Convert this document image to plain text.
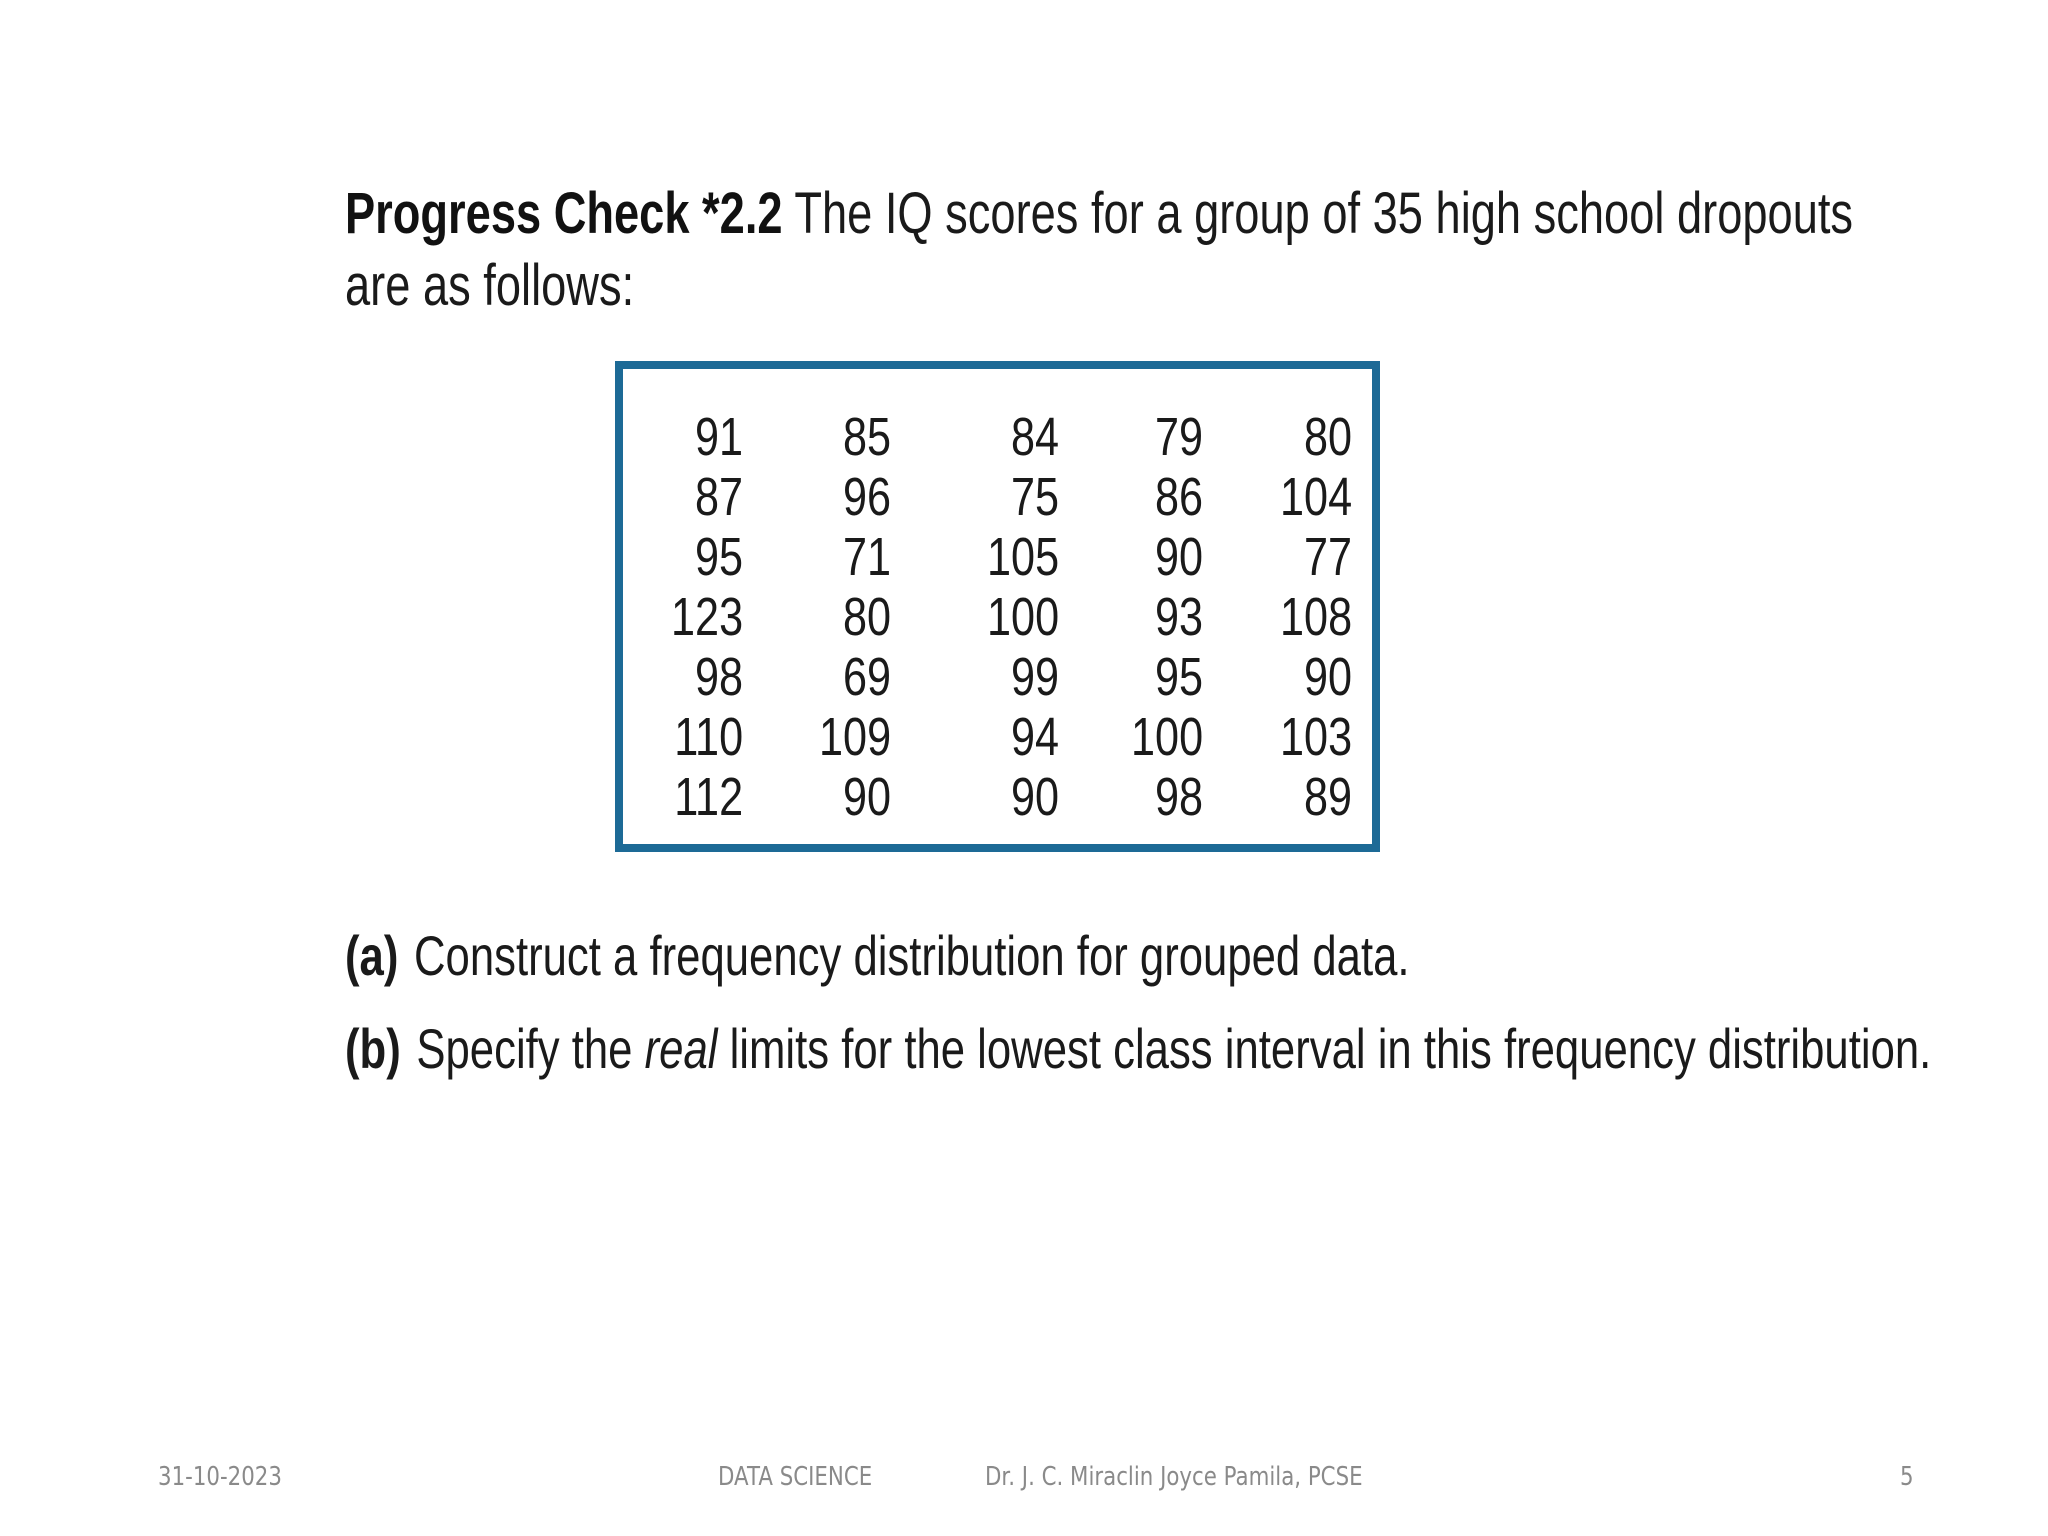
Progress Check *2.2 The IQ scores for a group of 35 high school dropouts
are as follows:
91	85	84	79	80
87	96	75	86	104
95	71	105	90	77
123	80	100	93	108
98	69	99	95	90
110	109	94	100	103
112	90	90	98	89
(a) Construct a frequency distribution for grouped data.
(b) Specify the real limits for the lowest class interval in this frequency distribution.
31-10-2023	DATA SCIENCE	Dr. J. C. Miraclin Joyce Pamila, PCSE	5
